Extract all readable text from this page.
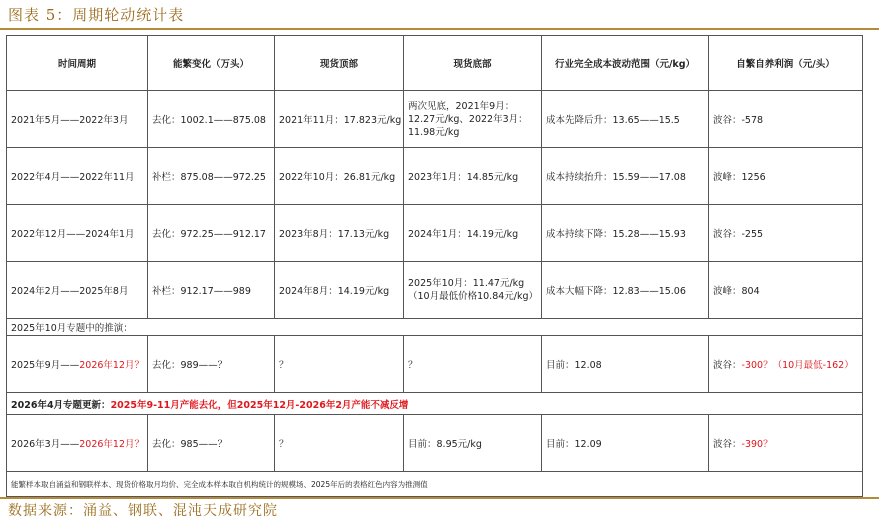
图表 5：周期轮动统计表
时间周期	能繁变化（万头）	现货顶部	现货底部	行业完全成本波动范围（元/kg）	自繁自养利润（元/头）
2021年5月——2022年3月	去化：1002.1——875.08	2021年11月：17.823元/kg	两次见底，2021年9月：12.27元/kg、2022年3月：11.98元/kg	成本先降后升：13.65——15.5	波谷：-578
2022年4月——2022年11月	补栏：875.08——972.25	2022年10月：26.81元/kg	2023年1月：14.85元/kg	成本持续抬升：15.59——17.08	波峰：1256
2022年12月——2024年1月	去化：972.25——912.17	2023年8月：17.13元/kg	2024年1月：14.19元/kg	成本持续下降：15.28——15.93	波谷：-255
2024年2月——2025年8月	补栏：912.17——989	2024年8月：14.19元/kg	2025年10月：11.47元/kg（10月最低价格10.84元/kg）	成本大幅下降：12.83——15.06	波峰：804
2025年10月专题中的推演：					
2025年9月——2026年12月？	去化：989——？	？	？	目前：12.08	波谷：-300？（10月最低-162）
2026年4月专题更新：2025年9-11月产能去化，但2025年12月-2026年2月产能不减反增					
2026年3月——2026年12月？	去化：985——？	？	目前：8.95元/kg	目前：12.09	波谷：-390？
能繁样本取自涌益和钢联样本、现货价格取月均价、完全成本样本取自机构统计的规模场、2025年后的表格红色内容为推测值					
数据来源：涌益、钢联、混沌天成研究院
